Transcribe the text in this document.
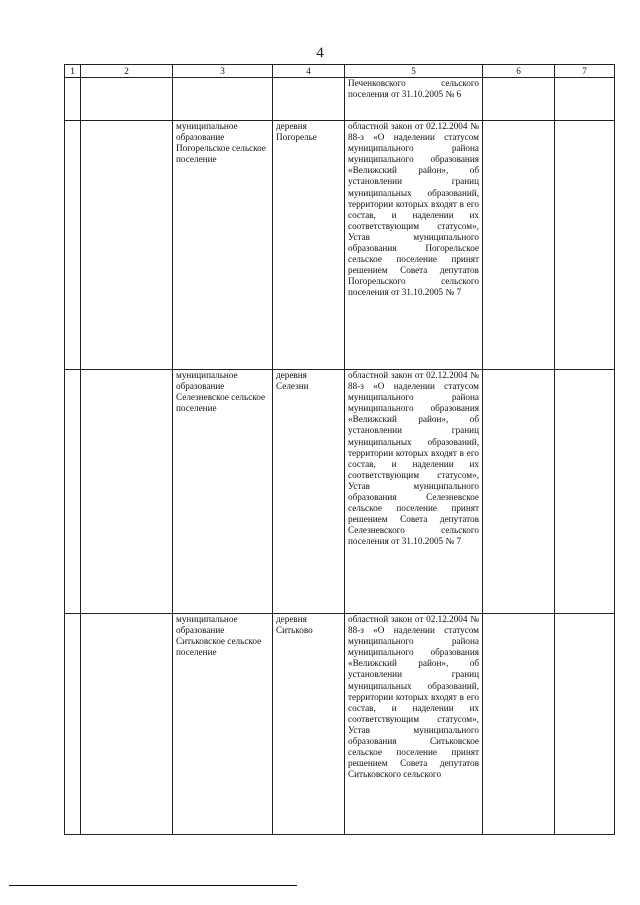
4
1	2	3	4	5	6	7
				Печенковского сельского поселения от 31.10.2005 № 6		
		муниципальное образование Погорельское сельское поселение	деревня Погорелье	областной закон от 02.12.2004 № 88-з «О наделении статусом муниципального района муниципального образования «Велижский район», об установлении границ муниципальных образований, территории которых входят в его состав, и наделении их соответствующим статусом», Устав муниципального образования Погорельское сельское поселение принят решением Совета депутатов Погорельского сельского поселения от 31.10.2005 № 7		
		муниципальное образование Селезневское сельское поселение	деревня Селезни	областной закон от 02.12.2004 № 88-з «О наделении статусом муниципального района муниципального образования «Велижский район», об установлении границ муниципальных образований, территории которых входят в его состав, и наделении их соответствующим статусом», Устав муниципального образования Селезневское сельское поселение принят решением Совета депутатов Селезневского сельского поселения от 31.10.2005 № 7		
		муниципальное образование Ситьковское сельское поселение	деревня Ситьково	областной закон от 02.12.2004 № 88-з «О наделении статусом муниципального района муниципального образования «Велижский район», об установлении границ муниципальных образований, территории которых входят в его состав, и наделении их соответствующим статусом», Устав муниципального образования Ситьковское сельское поселение принят решением Совета депутатов Ситьковского сельского		
